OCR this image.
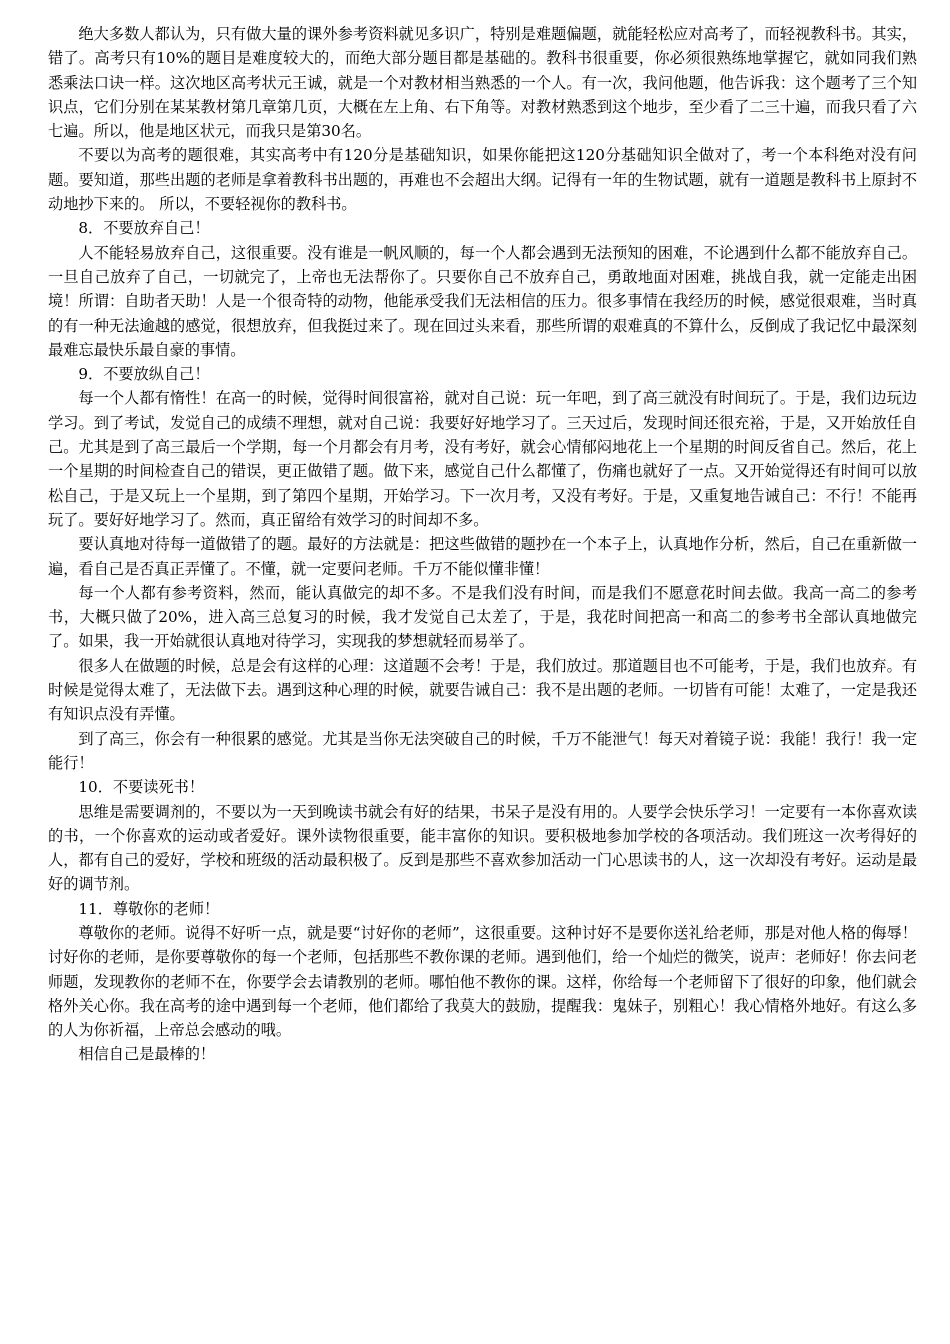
绝大多数人都认为，只有做大量的课外参考资料就见多识广，特别是难题偏题，就能轻松应对高考了，而轻视教科书。其实，错了。高考只有10%的题目是难度较大的，而绝大部分题目都是基础的。教科书很重要，你必须很熟练地掌握它，就如同我们熟悉乘法口诀一样。这次地区高考状元王诚，就是一个对教材相当熟悉的一个人。有一次，我问他题，他告诉我：这个题考了三个知识点，它们分别在某某教材第几章第几页，大概在左上角、右下角等。对教材熟悉到这个地步，至少看了二三十遍，而我只看了六七遍。所以，他是地区状元，而我只是第30名。

不要以为高考的题很难，其实高考中有120分是基础知识，如果你能把这120分基础知识全做对了，考一个本科绝对没有问题。要知道，那些出题的老师是拿着教科书出题的，再难也不会超出大纲。记得有一年的生物试题，就有一道题是教科书上原封不动地抄下来的。 所以，不要轻视你的教科书。

8．不要放弃自己！

人不能轻易放弃自己，这很重要。没有谁是一帆风顺的，每一个人都会遇到无法预知的困难，不论遇到什么都不能放弃自己。一旦自己放弃了自己，一切就完了，上帝也无法帮你了。只要你自己不放弃自己，勇敢地面对困难，挑战自我，就一定能走出困境！所谓：自助者天助！人是一个很奇特的动物，他能承受我们无法相信的压力。很多事情在我经历的时候，感觉很艰难，当时真的有一种无法逾越的感觉，很想放弃，但我挺过来了。现在回过头来看，那些所谓的艰难真的不算什么，反倒成了我记忆中最深刻最难忘最快乐最自豪的事情。

9．不要放纵自己！

每一个人都有惰性！在高一的时候，觉得时间很富裕，就对自己说：玩一年吧，到了高三就没有时间玩了。于是，我们边玩边学习。到了考试，发觉自己的成绩不理想，就对自己说：我要好好地学习了。三天过后，发现时间还很充裕，于是，又开始放任自己。尤其是到了高三最后一个学期，每一个月都会有月考，没有考好，就会心情郁闷地花上一个星期的时间反省自己。然后，花上一个星期的时间检查自己的错误，更正做错了题。做下来，感觉自己什么都懂了，伤痛也就好了一点。又开始觉得还有时间可以放松自己，于是又玩上一个星期，到了第四个星期，开始学习。下一次月考，又没有考好。于是，又重复地告诫自己：不行！不能再玩了。要好好地学习了。然而，真正留给有效学习的时间却不多。

要认真地对待每一道做错了的题。最好的方法就是：把这些做错的题抄在一个本子上，认真地作分析，然后，自己在重新做一遍，看自己是否真正弄懂了。不懂，就一定要问老师。千万不能似懂非懂！

每一个人都有参考资料，然而，能认真做完的却不多。不是我们没有时间，而是我们不愿意花时间去做。我高一高二的参考书，大概只做了20%，进入高三总复习的时候，我才发觉自己太差了，于是，我花时间把高一和高二的参考书全部认真地做完了。如果，我一开始就很认真地对待学习，实现我的梦想就轻而易举了。

很多人在做题的时候，总是会有这样的心理：这道题不会考！于是，我们放过。那道题目也不可能考，于是，我们也放弃。有时候是觉得太难了，无法做下去。遇到这种心理的时候，就要告诫自己：我不是出题的老师。一切皆有可能！太难了，一定是我还有知识点没有弄懂。

到了高三，你会有一种很累的感觉。尤其是当你无法突破自己的时候，千万不能泄气！每天对着镜子说：我能！我行！我一定能行！

10．不要读死书！

思维是需要调剂的，不要以为一天到晚读书就会有好的结果，书呆子是没有用的。人要学会快乐学习！一定要有一本你喜欢读的书，一个你喜欢的运动或者爱好。课外读物很重要，能丰富你的知识。要积极地参加学校的各项活动。我们班这一次考得好的人，都有自己的爱好，学校和班级的活动最积极了。反到是那些不喜欢参加活动一门心思读书的人，这一次却没有考好。运动是最好的调节剂。

11．尊敬你的老师！

尊敬你的老师。说得不好听一点，就是要“讨好你的老师”，这很重要。这种讨好不是要你送礼给老师，那是对他人格的侮辱！讨好你的老师，是你要尊敬你的每一个老师，包括那些不教你课的老师。遇到他们，给一个灿烂的微笑，说声：老师好！你去问老师题，发现教你的老师不在，你要学会去请教别的老师。哪怕他不教你的课。这样，你给每一个老师留下了很好的印象，他们就会格外关心你。我在高考的途中遇到每一个老师，他们都给了我莫大的鼓励，提醒我：鬼妹子，别粗心！我心情格外地好。有这么多的人为你祈福，上帝总会感动的哦。

相信自己是最棒的！
